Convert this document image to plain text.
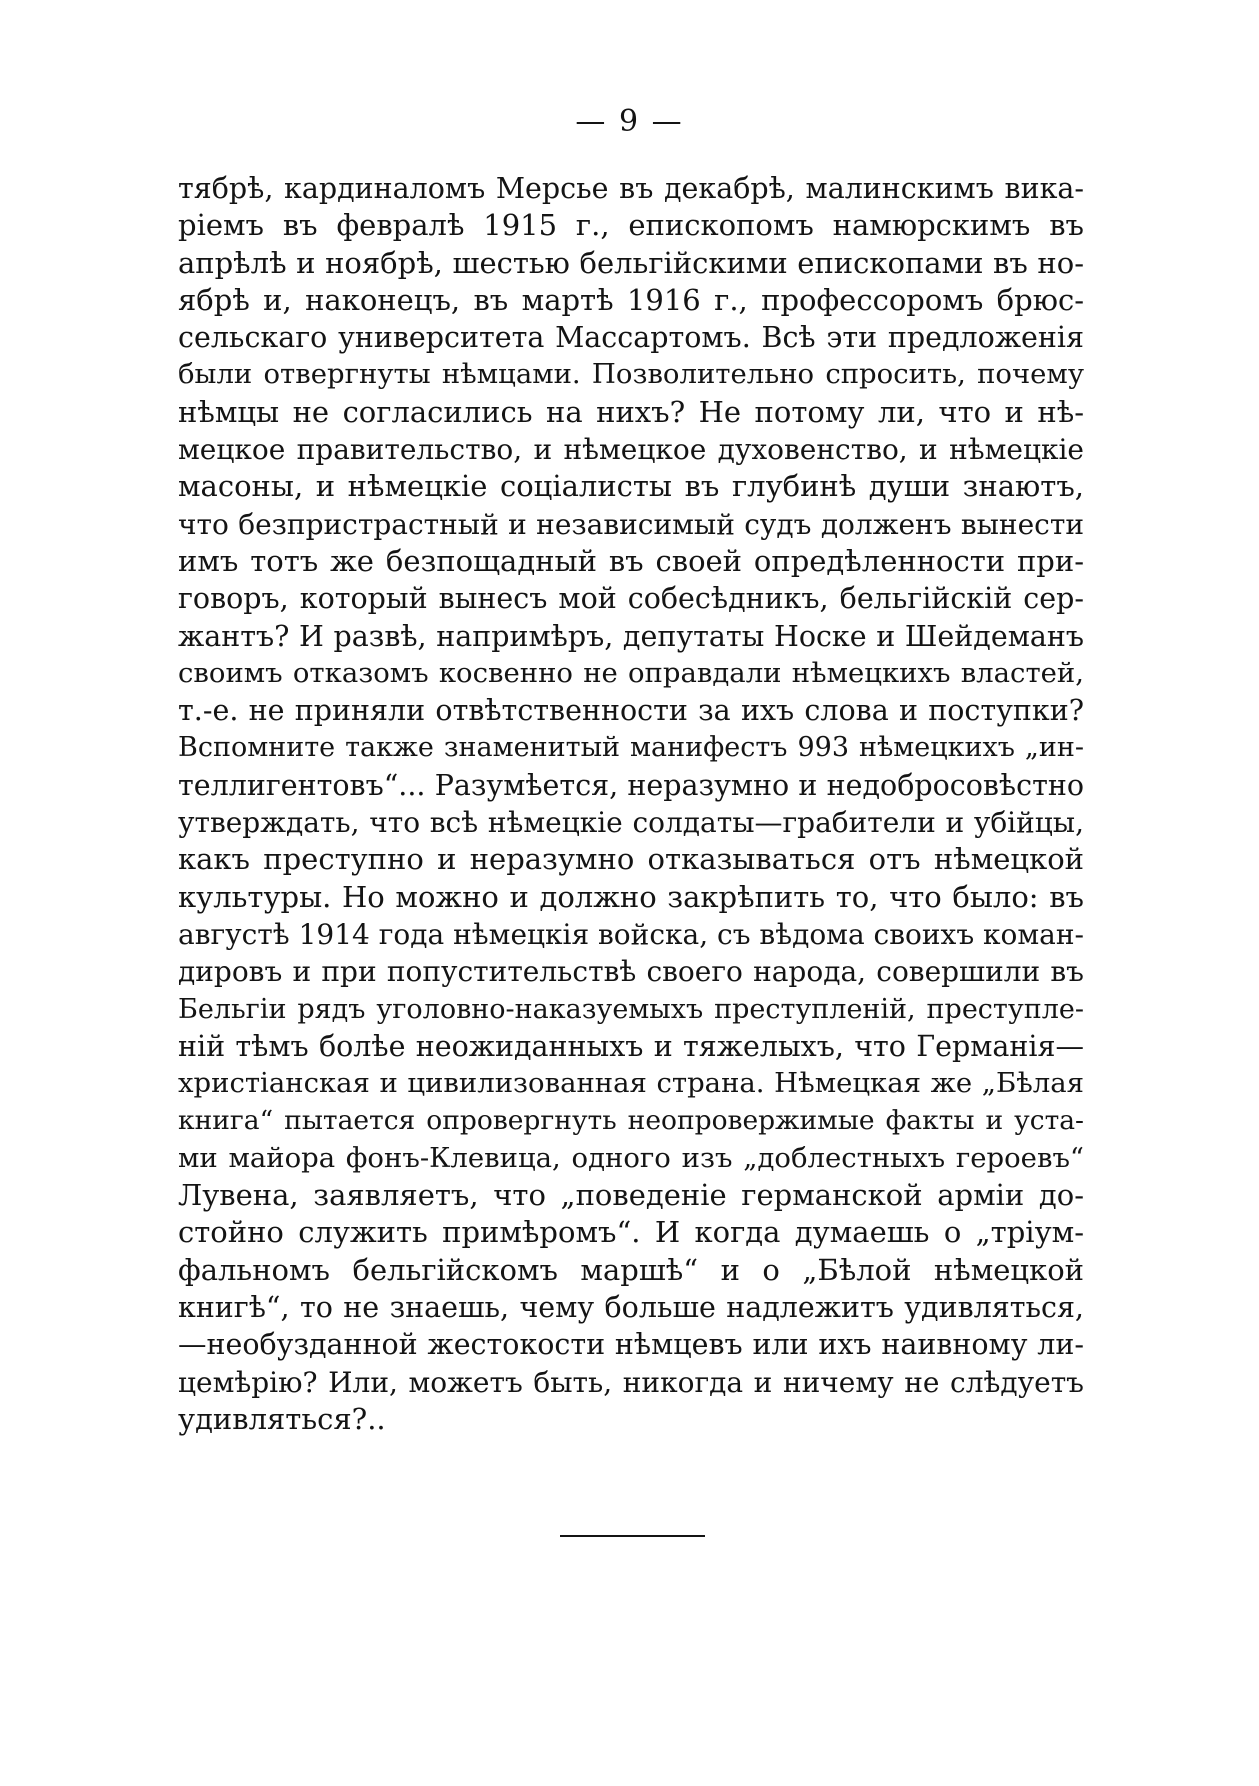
— 9 —
тябрѣ, кардиналомъ Мерсье въ декабрѣ, малинскимъ вика-
ріемъ въ февралѣ 1915 г., епископомъ намюрскимъ въ
апрѣлѣ и ноябрѣ, шестью бельгійскими епископами въ но-
ябрѣ и, наконецъ, въ мартѣ 1916 г., профессоромъ брюс-
сельскаго университета Массартомъ. Всѣ эти предложенія
были отвергнуты нѣмцами. Позволительно спросить, почему
нѣмцы не согласились на нихъ? Не потому ли, что и нѣ-
мецкое правительство, и нѣмецкое духовенство, и нѣмецкіе
масоны, и нѣмецкіе соціалисты въ глубинѣ души знаютъ,
что безпристрастный и независимый судъ долженъ вынести
имъ тотъ же безпощадный въ своей опредѣленности при-
говоръ, который вынесъ мой собесѣдникъ, бельгійскій сер-
жантъ? И развѣ, напримѣръ, депутаты Носке и Шейдеманъ
своимъ отказомъ косвенно не оправдали нѣмецкихъ властей,
т.-е. не приняли отвѣтственности за ихъ слова и поступки?
Вспомните также знаменитый манифестъ 993 нѣмецкихъ „ин-
теллигентовъ“... Разумѣется, неразумно и недобросовѣстно
утверждать, что всѣ нѣмецкіе солдаты—грабители и убійцы,
какъ преступно и неразумно отказываться отъ нѣмецкой
культуры. Но можно и должно закрѣпить то, что было: въ
августѣ 1914 года нѣмецкія войска, съ вѣдома своихъ коман-
дировъ и при попустительствѣ своего народа, совершили въ
Бельгіи рядъ уголовно-наказуемыхъ преступленій, преступле-
ній тѣмъ болѣе неожиданныхъ и тяжелыхъ, что Германія—
христіанская и цивилизованная страна. Нѣмецкая же „Бѣлая
книга“ пытается опровергнуть неопровержимые факты и уста-
ми майора фонъ-Клевица, одного изъ „доблестныхъ героевъ“
Лувена, заявляетъ, что „поведеніе германской арміи до-
стойно служить примѣромъ“. И когда думаешь о „тріум-
фальномъ бельгійскомъ маршѣ“ и о „Бѣлой нѣмецкой
книгѣ“, то не знаешь, чему больше надлежитъ удивляться,
—необузданной жестокости нѣмцевъ или ихъ наивному ли-
цемѣрію? Или, можетъ быть, никогда и ничему не слѣдуетъ
удивляться?..
